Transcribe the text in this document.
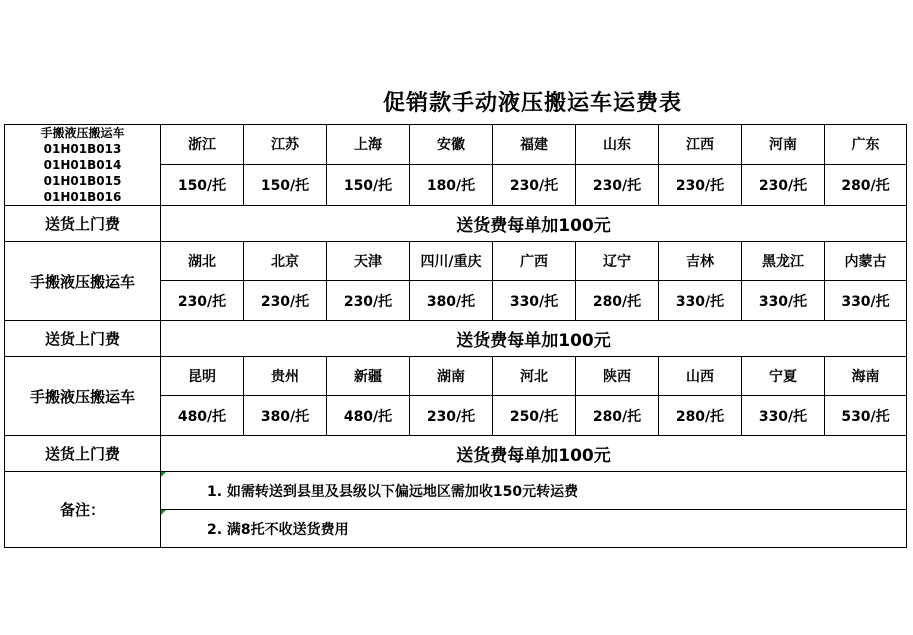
促销款手动液压搬运车运费表
手搬液压搬运车
01H01B013
01H01B014
01H01B015
01H01B016	浙江	江苏	上海	安徽	福建	山东	江西	河南	广东
	150/托	150/托	150/托	180/托	230/托	230/托	230/托	230/托	280/托
送货上门费	送货费每单加100元								
手搬液压搬运车	湖北	北京	天津	四川/重庆	广西	辽宁	吉林	黑龙江	内蒙古
	230/托	230/托	230/托	380/托	330/托	280/托	330/托	330/托	330/托
送货上门费	送货费每单加100元								
手搬液压搬运车	昆明	贵州	新疆	湖南	河北	陕西	山西	宁夏	海南
	480/托	380/托	480/托	230/托	250/托	280/托	280/托	330/托	530/托
送货上门费	送货费每单加100元								
备注：	1. 如需转送到县里及县级以下偏远地区需加收150元转运费								

2. 满8托不收送货费用								
